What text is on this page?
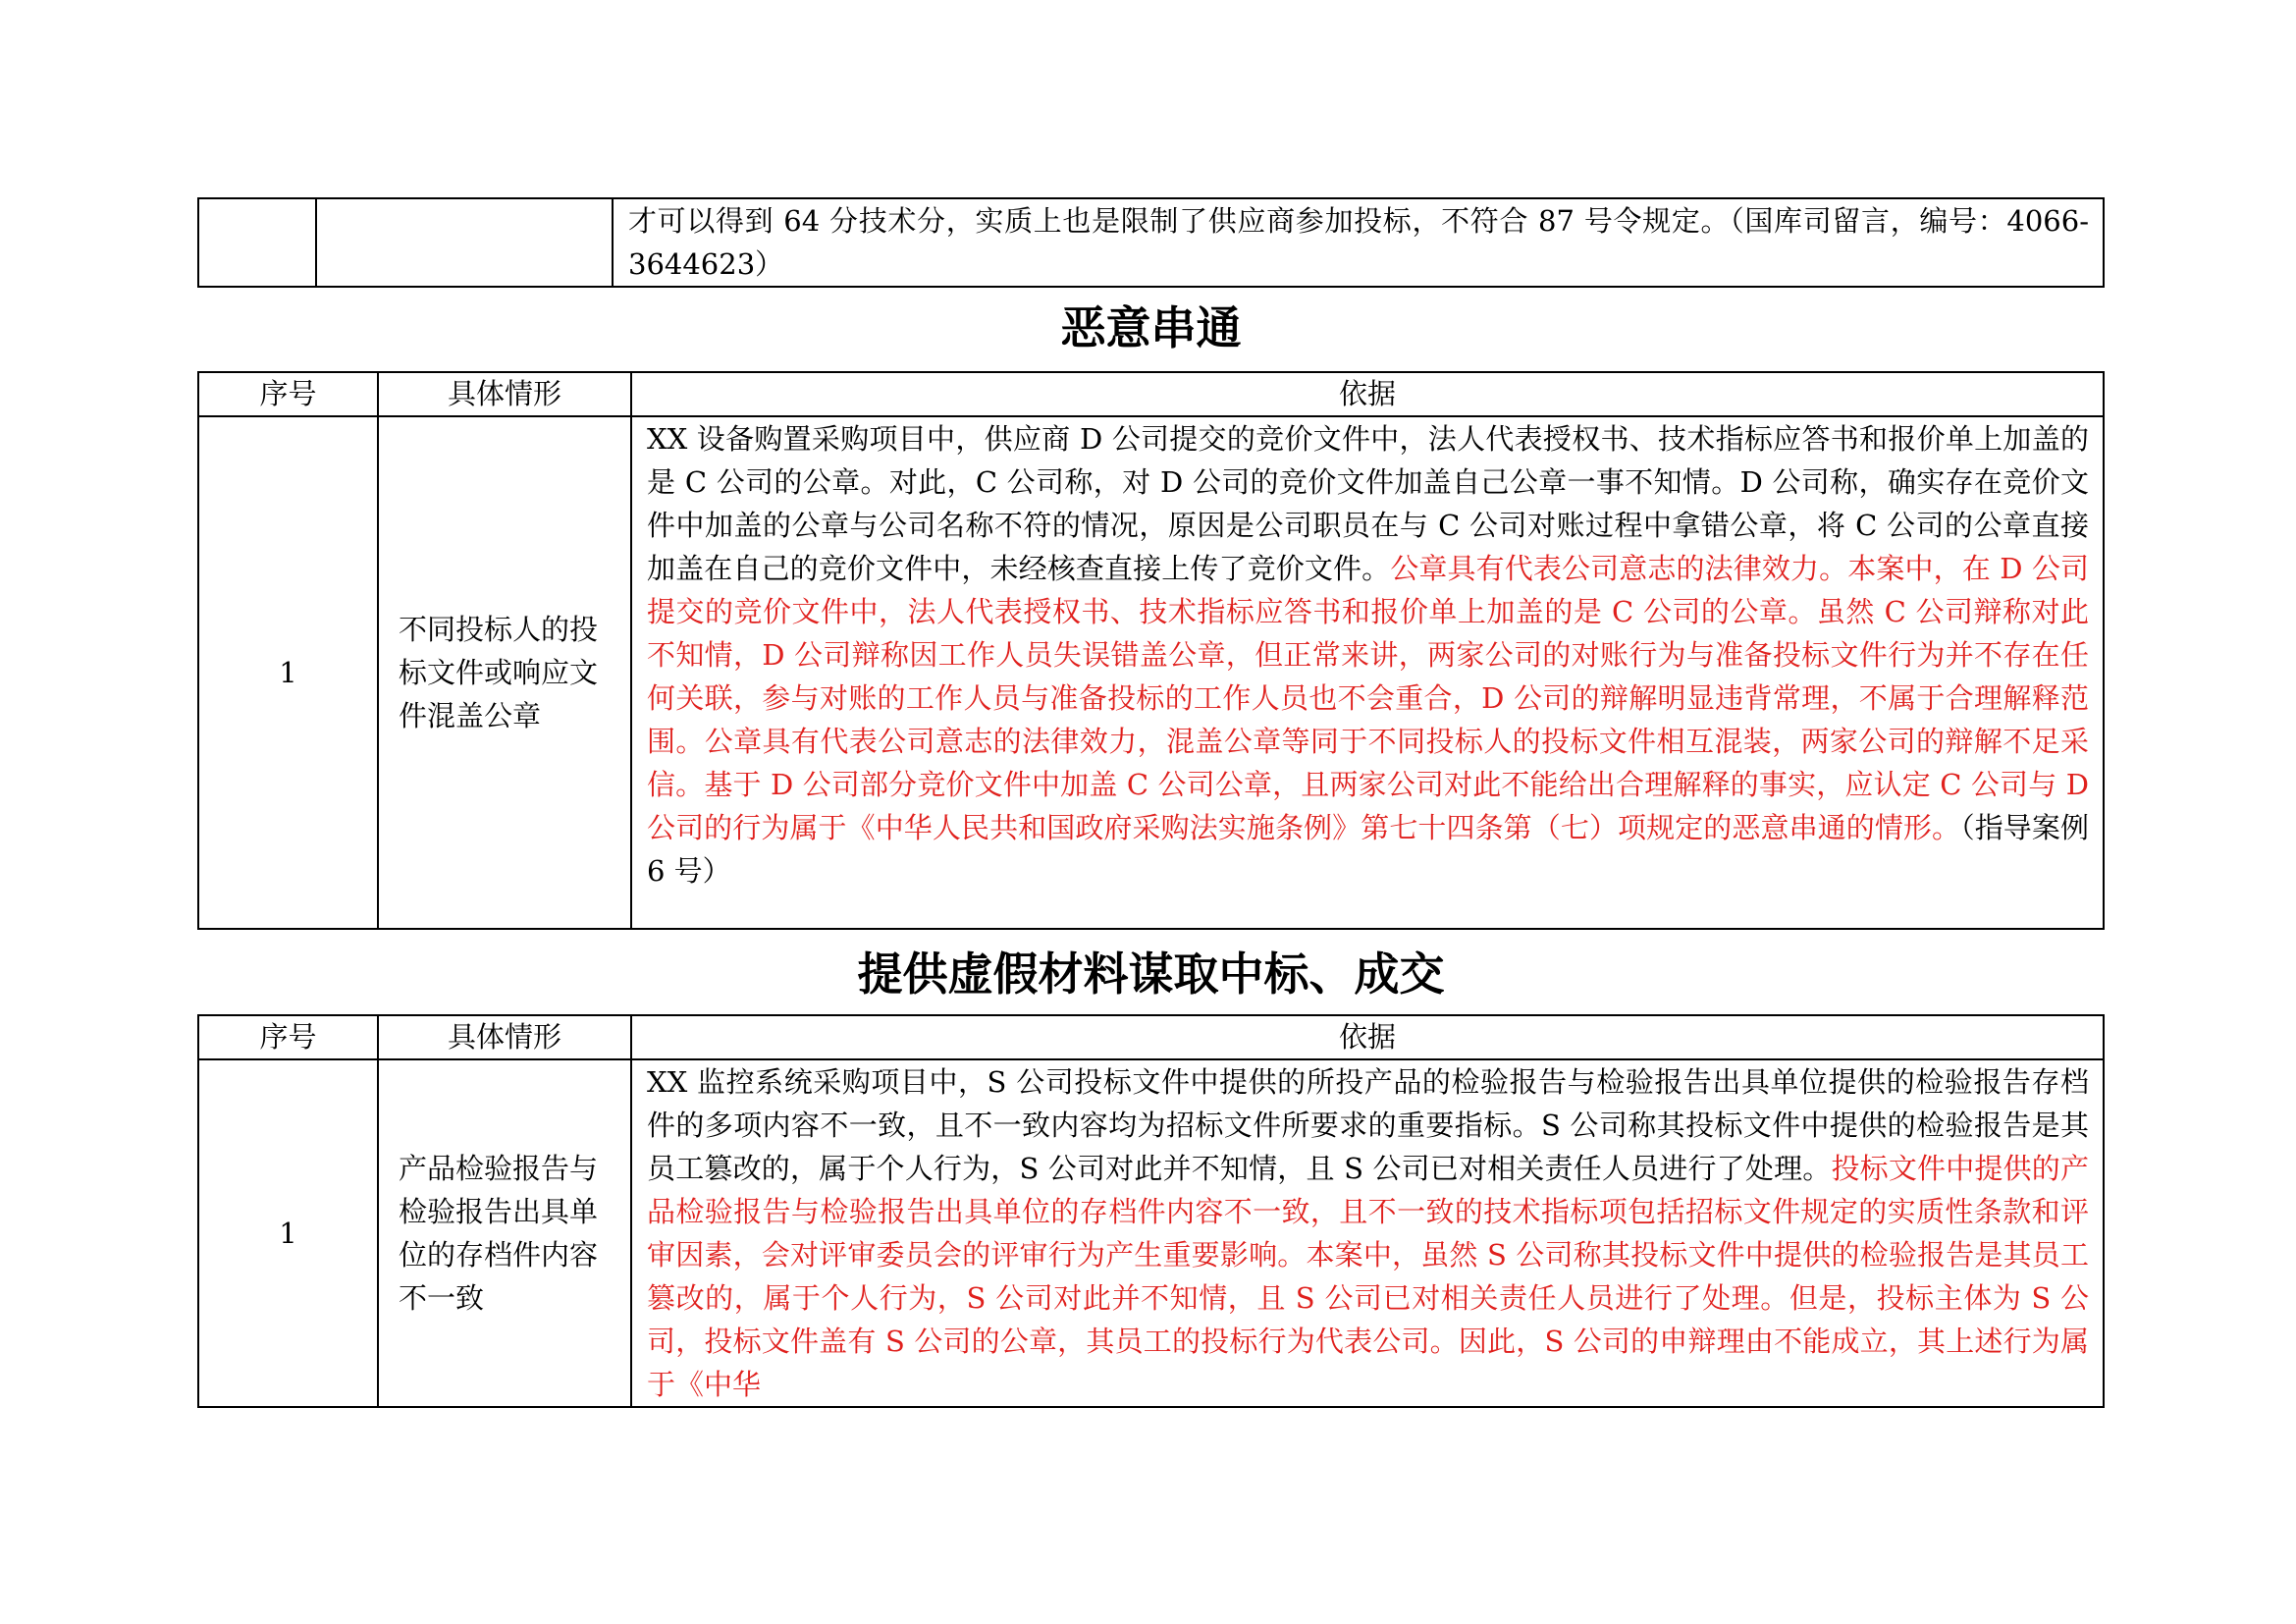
		才可以得到 64 分技术分，实质上也是限制了供应商参加投标，不符合 87 号令规定。（国库司留言，编号：4066-3644623）
恶意串通
序号	具体情形	依据
1	不同投标人的投标文件或响应文件混盖公章	XX 设备购置采购项目中，供应商 D 公司提交的竞价文件中，法人代表授权书、技术指标应答书和报价单上加盖的是 C 公司的公章。对此，C 公司称，对 D 公司的竞价文件加盖自己公章一事不知情。D 公司称，确实存在竞价文件中加盖的公章与公司名称不符的情况，原因是公司职员在与 C 公司对账过程中拿错公章，将 C 公司的公章直接加盖在自己的竞价文件中，未经核查直接上传了竞价文件。公章具有代表公司意志的法律效力。本案中，在 D 公司提交的竞价文件中，法人代表授权书、技术指标应答书和报价单上加盖的是 C 公司的公章。虽然 C 公司辩称对此不知情，D 公司辩称因工作人员失误错盖公章，但正常来讲，两家公司的对账行为与准备投标文件行为并不存在任何关联，参与对账的工作人员与准备投标的工作人员也不会重合，D 公司的辩解明显违背常理，不属于合理解释范围。公章具有代表公司意志的法律效力，混盖公章等同于不同投标人的投标文件相互混装，两家公司的辩解不足采信。基于 D 公司部分竞价文件中加盖 C 公司公章，且两家公司对此不能给出合理解释的事实，应认定 C 公司与 D 公司的行为属于《中华人民共和国政府采购法实施条例》第七十四条第（七）项规定的恶意串通的情形。（指导案例 6 号）
提供虚假材料谋取中标、成交
序号	具体情形	依据
1	产品检验报告与检验报告出具单位的存档件内容不一致	XX 监控系统采购项目中，S 公司投标文件中提供的所投产品的检验报告与检验报告出具单位提供的检验报告存档件的多项内容不一致，且不一致内容均为招标文件所要求的重要指标。S 公司称其投标文件中提供的检验报告是其员工篡改的，属于个人行为，S 公司对此并不知情，且 S 公司已对相关责任人员进行了处理。投标文件中提供的产品检验报告与检验报告出具单位的存档件内容不一致，且不一致的技术指标项包括招标文件规定的实质性条款和评审因素，会对评审委员会的评审行为产生重要影响。本案中，虽然 S 公司称其投标文件中提供的检验报告是其员工篡改的，属于个人行为，S 公司对此并不知情，且 S 公司已对相关责任人员进行了处理。但是，投标主体为 S 公司，投标文件盖有 S 公司的公章，其员工的投标行为代表公司。因此，S 公司的申辩理由不能成立，其上述行为属于《中华
